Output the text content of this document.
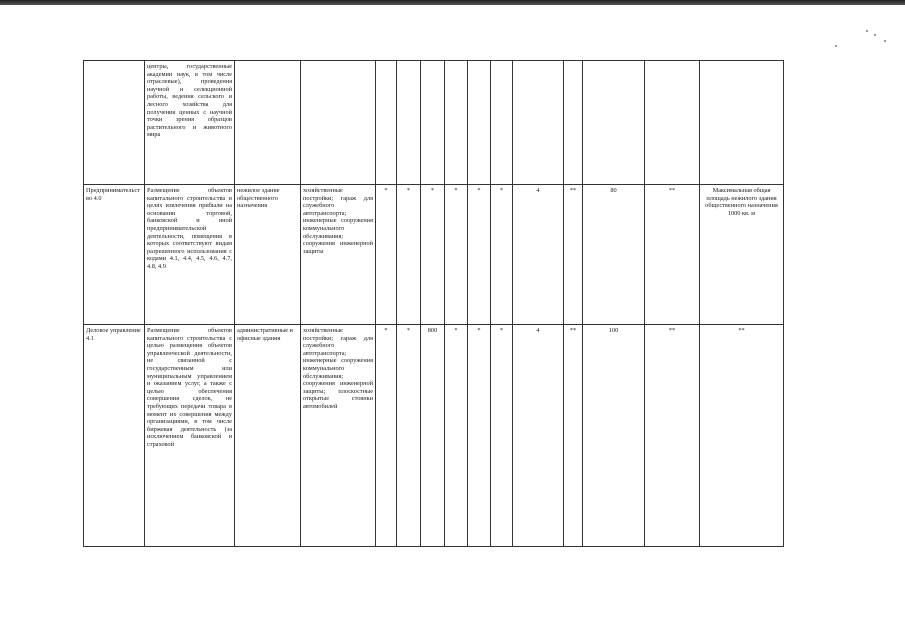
	центры, государственные академии наук, в том числе отраслевые), проведения научной и селекционной работы, ведения сельского и лесного хозяйства для получения ценных с научной точки зрения образцов растительного и животного мира													
Предпринимательство 4.0	Размещение объектов капитального строительства в целях извлечения прибыли на основании торговой, банковской и иной предпринимательской деятельности, помещения в которых соответствуют видам разрешенного использования с кодами 4.1, 4.4, 4.5, 4.6, 4.7, 4.8, 4.9	нежилое здание общественного назначения	хозяйственные постройки; гараж для служебного автотранспорта; инженерные сооружения коммунального обслуживания; сооружения инженерной защиты	*	*	*	*	*	*	4	**	80	**	Максимальная общая площадь нежилого здания общественного назначения 1000 кв. м
Деловое управление 4.1	Размещение объектов капитального строительства с целью размещения объектов управленческой деятельности, не связанной с государственным или муниципальным управлением и оказанием услуг, а также с целью обеспечения совершения сделок, не требующих передачи товара в момент их совершения между организациями, в том числе биржевая деятельность (за исключением банковской и страховой	административные и офисные здания	хозяйственные постройки; гараж для служебного автотранспорта; инженерные сооружения коммунального обслуживания; сооружения инженерной защиты; плоскостные открытые стоянки автомобилей	*	*	800	*	*	*	4	**	100	**	**
